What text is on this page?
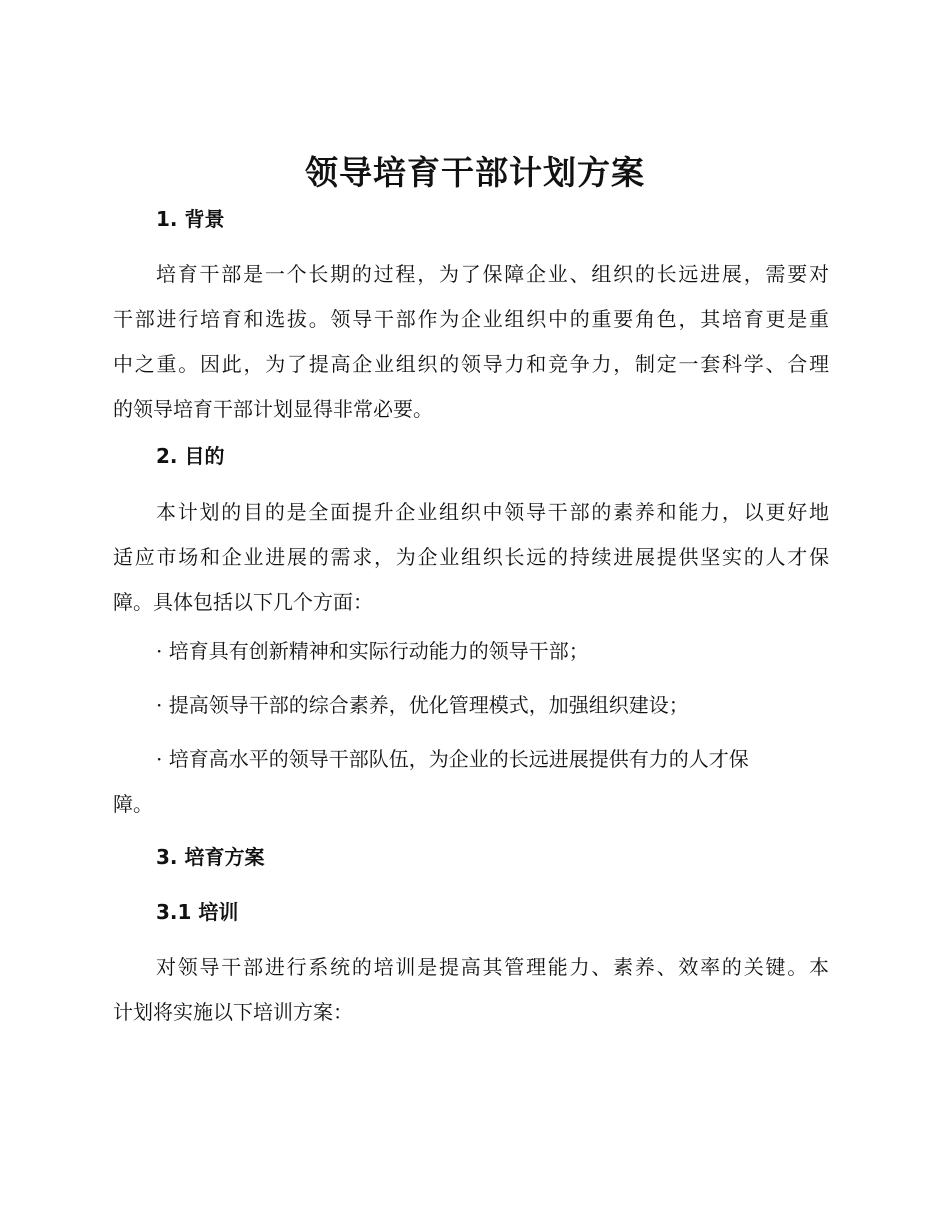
领导培育干部计划方案
1. 背景
培育干部是一个长期的过程，为了保障企业、组织的长远进展，需要对
干部进行培育和选拔。领导干部作为企业组织中的重要角色，其培育更是重
中之重。因此，为了提高企业组织的领导力和竞争力，制定一套科学、合理
的领导培育干部计划显得非常必要。
2. 目的
本计划的目的是全面提升企业组织中领导干部的素养和能力，以更好地
适应市场和企业进展的需求，为企业组织长远的持续进展提供坚实的人才保
障。具体包括以下几个方面：

· 培育具有创新精神和实际行动能力的领导干部；

· 提高领导干部的综合素养，优化管理模式，加强组织建设；

· 培育高水平的领导干部队伍，为企业的长远进展提供有力的人才保
障。
3. 培育方案
3.1 培训
对领导干部进行系统的培训是提高其管理能力、素养、效率的关键。本
计划将实施以下培训方案：
